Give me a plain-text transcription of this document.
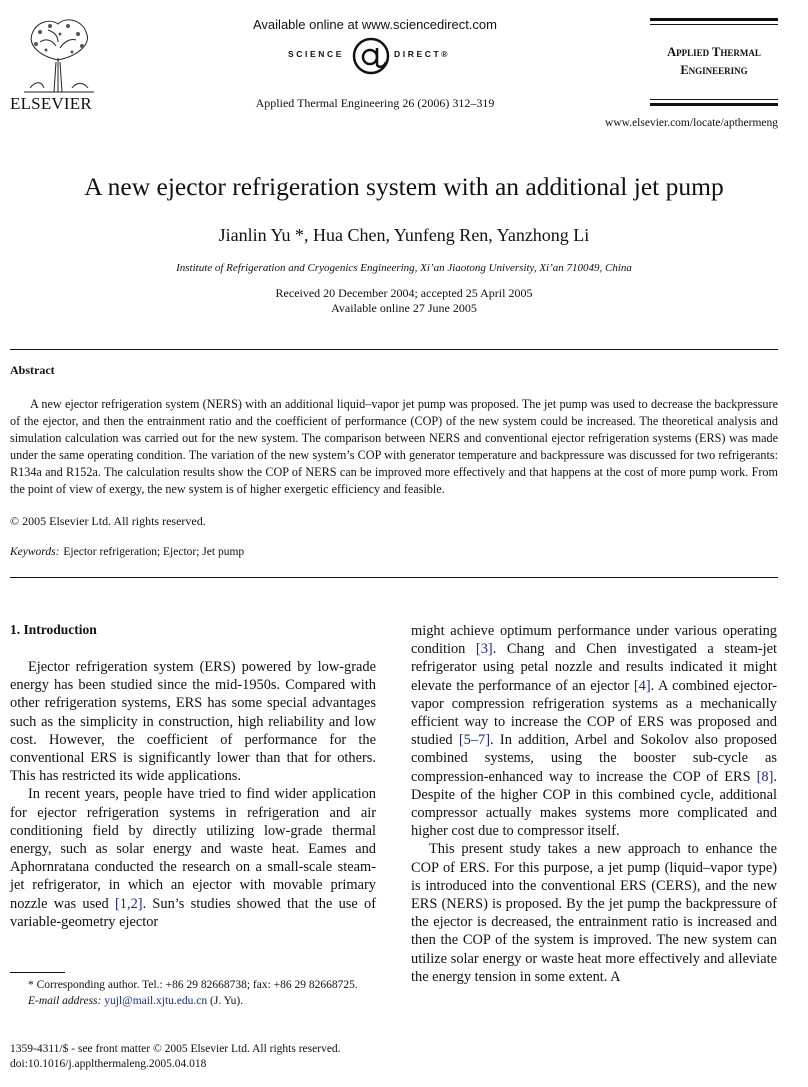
ELSEVIER
Available online at www.sciencedirect.com
SCIENCE	DIRECT®
Applied Thermal Engineering 26 (2006) 312–319
Applied Thermal
Engineering
www.elsevier.com/locate/apthermeng
A new ejector refrigeration system with an additional jet pump
Jianlin Yu *, Hua Chen, Yunfeng Ren, Yanzhong Li
Institute of Refrigeration and Cryogenics Engineering, Xi’an Jiaotong University, Xi’an 710049, China
Received 20 December 2004; accepted 25 April 2005
Available online 27 June 2005
Abstract

A new ejector refrigeration system (NERS) with an additional liquid–vapor jet pump was proposed. The jet pump was used to decrease the backpressure of the ejector, and then the entrainment ratio and the coefficient of performance (COP) of the new system could be increased. The theoretical analysis and simulation calculation was carried out for the new system. The comparison between NERS and conventional ejector refrigeration systems (ERS) was made under the same operating condition. The variation of the new system’s COP with generator temperature and backpressure was discussed for two refrigerants: R134a and R152a. The calculation results show the COP of NERS can be improved more effectively and that happens at the cost of more pump work. From the point of view of exergy, the new system is of higher exergetic efficiency and feasible.

© 2005 Elsevier Ltd. All rights reserved.
Keywords: Ejector refrigeration; Ejector; Jet pump
1. Introduction

Ejector refrigeration system (ERS) powered by low-grade energy has been studied since the mid-1950s. Compared with other refrigeration systems, ERS has some special advantages such as the simplicity in construction, high reliability and low cost. However, the coefficient of performance for the conventional ERS is significantly lower than that for others. This has restricted its wide applications.

In recent years, people have tried to find wider application for ejector refrigeration systems in refrigeration and air conditioning field by directly utilizing low-grade thermal energy, such as solar energy and waste heat. Eames and Aphornratana conducted the research on a small-scale steam-jet refrigerator, in which an ejector with movable primary nozzle was used [1,2]. Sun’s studies showed that the use of variable-geometry ejector

might achieve optimum performance under various operating condition [3]. Chang and Chen investigated a steam-jet refrigerator using petal nozzle and results indicated it might elevate the performance of an ejector [4]. A combined ejector-vapor compression refrigeration systems as a mechanically efficient way to increase the COP of ERS was proposed and studied [5–7]. In addition, Arbel and Sokolov also proposed combined systems, using the booster sub-cycle as compression-enhanced way to increase the COP of ERS [8]. Despite of the higher COP in this combined cycle, additional compressor actually makes systems more complicated and higher cost due to compressor itself.

This present study takes a new approach to enhance the COP of ERS. For this purpose, a jet pump (liquid–vapor type) is introduced into the conventional ERS (CERS), and the new ERS (NERS) is proposed. By the jet pump the backpressure of the ejector is decreased, the entrainment ratio is increased and then the COP of the system is improved. The new system can utilize solar energy or waste heat more effectively and alleviate the energy tension in some extent. A

* Corresponding author. Tel.: +86 29 82668738; fax: +86 29 82668725.

E-mail address: yujl@mail.xjtu.edu.cn (J. Yu).

1359-4311/$ - see front matter © 2005 Elsevier Ltd. All rights reserved.
doi:10.1016/j.applthermaleng.2005.04.018
